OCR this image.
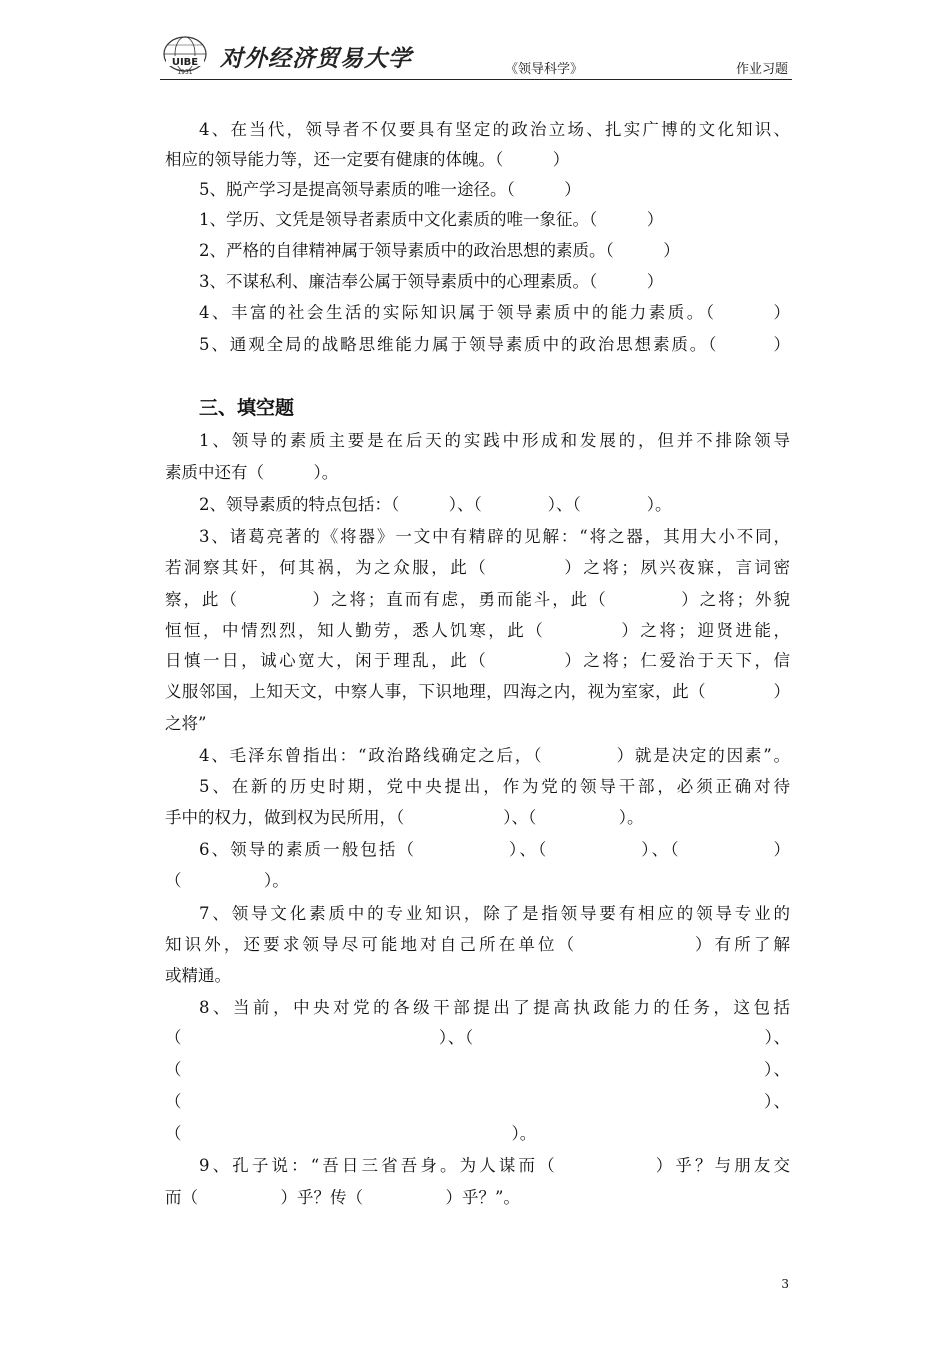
UIBE
1951
对外经济贸易大学	《领导科学》	作业习题
4、在当代，领导者不仅要具有坚定的政治立场、扎实广博的文化知识、
相应的领导能力等，还一定要有健康的体魄。（　　　）
5、脱产学习是提高领导素质的唯一途径。（　　　）
1、学历、文凭是领导者素质中文化素质的唯一象征。（　　　）
2、严格的自律精神属于领导素质中的政治思想的素质。（　　　）
3、不谋私利、廉洁奉公属于领导素质中的心理素质。（　　　）
4、丰富的社会生活的实际知识属于领导素质中的能力素质。（　　　）
5、通观全局的战略思维能力属于领导素质中的政治思想素质。（　　　）
三、填空题
1、领导的素质主要是在后天的实践中形成和发展的，但并不排除领导
素质中还有（　　　）。
2、领导素质的特点包括：（　　　）、（　　　　）、（　　　　）。
3、诸葛亮著的《将器》一文中有精辟的见解：“将之器，其用大小不同，
若洞察其奸，何其祸，为之众服，此（　　　　）之将；夙兴夜寐，言词密
察，此（　　　　）之将；直而有虑，勇而能斗，此（　　　　）之将；外貌
恒恒，中情烈烈，知人勤劳，悉人饥寒，此（　　　　）之将；迎贤进能，
日慎一日，诚心宽大，闲于理乱，此（　　　　）之将；仁爱治于天下，信
义服邻国，上知天文，中察人事，下识地理，四海之内，视为室家，此（　　　　）
之将”
4、毛泽东曾指出：“政治路线确定之后，（　　　　）就是决定的因素”。
5、在新的历史时期，党中央提出，作为党的领导干部，必须正确对待
手中的权力，做到权为民所用，（　　　　　　）、（　　　　　）。
6、领导的素质一般包括（　　　　　）、（　　　　　）、（　　　　　）
（　　　　　）。
7、领导文化素质中的专业知识，除了是指领导要有相应的领导专业的
知识外，还要求领导尽可能地对自己所在单位（　　　　　　）有所了解
或精通。
8、当前，中央对党的各级干部提出了提高执政能力的任务，这包括
（　　　　　　　　　　　　　　　）、（　　　　　　　　　　　　　　　　　）、
（　　　　　　　　　　　　　　　　　　　　　　　　　　　　　　　　　）、
（　　　　　　　　　　　　　　　　　　　　　　　　　　　　　　　　　）、
（　　　　　　　　　　　　　　　　　　　　）。
9、孔子说：“吾日三省吾身。为人谋而（　　　　　）乎？与朋友交
而（　　　　　）乎？传（　　　　　）乎？”。
3
